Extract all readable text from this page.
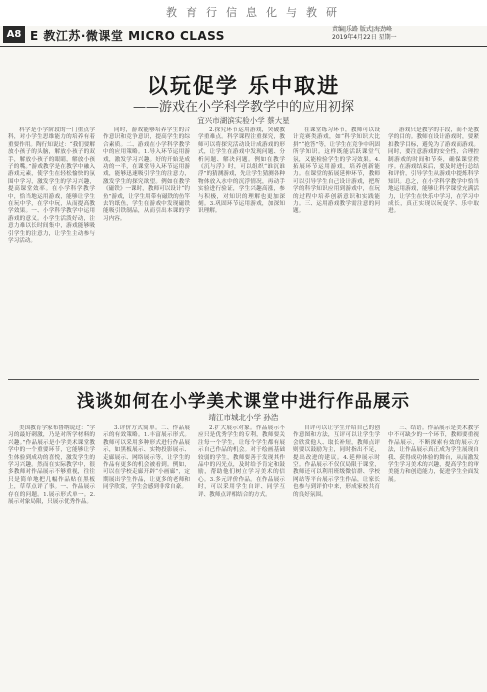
教育行信息化与教研
A8 E 教江苏·微课堂 MICRO CLASS	责编|乐路 版式|海劲峰
2019年4月22日 星期一
以玩促学 乐中取进
——游戏在小学科学教学中的应用初探
宜兴市湖滨实验小学 蔡大星

科学是小学阶段的一门重点学科，对小学生思维能力的培养有着重要作用。陶行知说过：“我们要解放小孩子的头脑，解放小孩子的双手，解放小孩子的眼睛，解放小孩子的嘴。”游戏教学是在教学中融入游戏元素，使学生在轻松愉快的氛围中学习，激发学生的学习兴趣，提高课堂效率。在小学科学教学中，恰当地运用游戏，能够让学生在玩中学，在学中玩，从而提高教学效果。一、小学科学教学中运用游戏的意义。小学生活泼好动，注意力难以长时间集中，游戏能够吸引学生的注意力，让学生主动参与学习活动。

同时，游戏能够培养学生的合作意识和竞争意识，提高学生的综合素质。二、游戏在小学科学教学中的应用策略。1.导入环节运用游戏，激发学习兴趣。好的开始是成功的一半，在课堂导入环节运用游戏，能够迅速吸引学生的注意力，激发学生的探究欲望。例如在教学《磁铁》一课时，教师可以设计“钓鱼”游戏，让学生用带有磁铁的鱼竿去钓纸鱼，学生在游戏中发现磁铁能吸引铁制品，从而引出本课的学习内容。

2.探究环节运用游戏，突破教学重难点。科学课程注重探究，教师可以将探究活动设计成游戏的形式，让学生在游戏中发现问题、分析问题、解决问题。例如在教学《沉与浮》时，可以组织“谁沉谁浮”的猜测游戏，先让学生猜测各种物体放入水中的沉浮情况，再动手实验进行验证，学生兴趣高涨，参与积极，对知识的理解也更加深刻。3.巩固环节运用游戏，加深知识理解。

在课堂练习环节，教师可以设计竞赛类游戏，如“科学知识大比拼”“抢答”等，让学生在竞争中巩固所学知识。这样既能活跃课堂气氛，又能检验学生的学习效果。4.拓展环节运用游戏，培养创新能力。在课堂的拓展延伸环节，教师可以引导学生自己设计游戏，把所学的科学知识应用到游戏中，在玩的过程中培养创新意识和实践能力。三、运用游戏教学需注意的问题。

游戏只是教学的手段，而不是教学的目的。教师在设计游戏时，要紧扣教学目标，避免为了游戏而游戏。同时，要注意游戏的安全性，合理控制游戏的时间和节奏，确保课堂秩序。在游戏结束后，要及时进行总结和评价，引导学生从游戏中提炼科学知识。总之，在小学科学教学中恰当地运用游戏，能够让科学课堂充满活力，让学生在快乐中学习，在学习中成长，真正实现以玩促学、乐中取进。

浅谈如何在小学美术课堂中进行作品展示
靖江市城北小学 孙浩

美国教育学家布鲁纳说过：“学习的最好刺激，乃是对所学材料的兴趣。”作品展示是小学美术课堂教学中的一个重要环节，它能够让学生体验到成功的喜悦，激发学生的学习兴趣。然而在实际教学中，很多教师对作品展示不够重视，往往只是简单地把几幅作品贴在黑板上，草草点评了事。一、作品展示存在的问题。1.展示形式单一。2.展示对象局限，只展示优秀作品。

3.评价方式简单。二、作品展示的有效策略。1.丰富展示形式。教师可以采用多种形式进行作品展示，如黑板展示、实物投影展示、走廊展示、网络展示等，让学生的作品有更多的机会被看到。例如，可以在学校走廊开辟“小画廊”，定期展出学生作品，让更多的老师和同学欣赏，学生会感到非常自豪。

2.扩大展示对象。作品展示不应只是优秀学生的专利，教师要关注每一个学生，让每个学生都有展示自己作品的机会。对于绘画基础较弱的学生，教师要善于发现其作品中的闪光点，及时给予肯定和鼓励，帮助他们树立学习美术的信心。3.多元评价作品。在作品展示时，可以采用学生自评、同学互评、教师点评相结合的方式。

自评可以让学生介绍自己的创作意图和方法，互评可以让学生学会欣赏他人、取长补短，教师点评则要以鼓励为主，同时指出不足，提出改进的建议。4.延伸展示时空。作品展示不仅仅局限于课堂，教师还可以利用班级微信群、学校网站等平台展示学生作品，让家长也参与到评价中来，形成家校共育的良好氛围。

三、结语。作品展示是美术教学中不可缺少的一个环节，教师要重视作品展示，不断探索有效的展示方法，让作品展示真正成为学生展现自我、获得成功体验的舞台，从而激发学生学习美术的兴趣，提高学生的审美能力和创造能力，促进学生全面发展。
